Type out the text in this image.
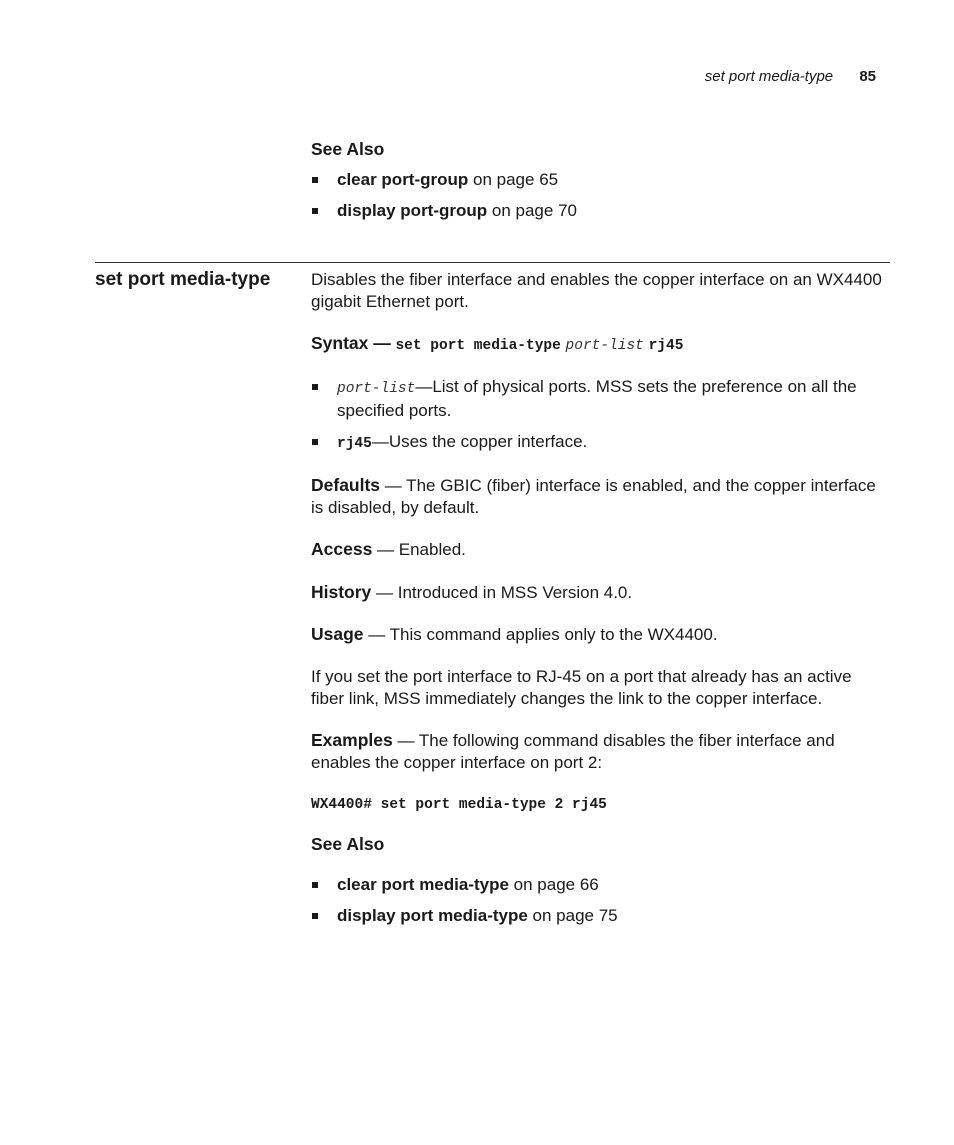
set port media-type 85
See Also
clear port-group on page 65
display port-group on page 70
set port media-type Disables the fiber interface and enables the copper interface on an WX4400 gigabit Ethernet port.

Syntax — set port media-type port-list rj45

port-list—List of physical ports. MSS sets the preference on all the specified ports.
rj45—Uses the copper interface.

Defaults — The GBIC (fiber) interface is enabled, and the copper interface is disabled, by default.

Access — Enabled.

History — Introduced in MSS Version 4.0.

Usage — This command applies only to the WX4400.

If you set the port interface to RJ-45 on a port that already has an active fiber link, MSS immediately changes the link to the copper interface.

Examples — The following command disables the fiber interface and enables the copper interface on port 2:

WX4400# set port media-type 2 rj45

See Also
clear port media-type on page 66
display port media-type on page 75
